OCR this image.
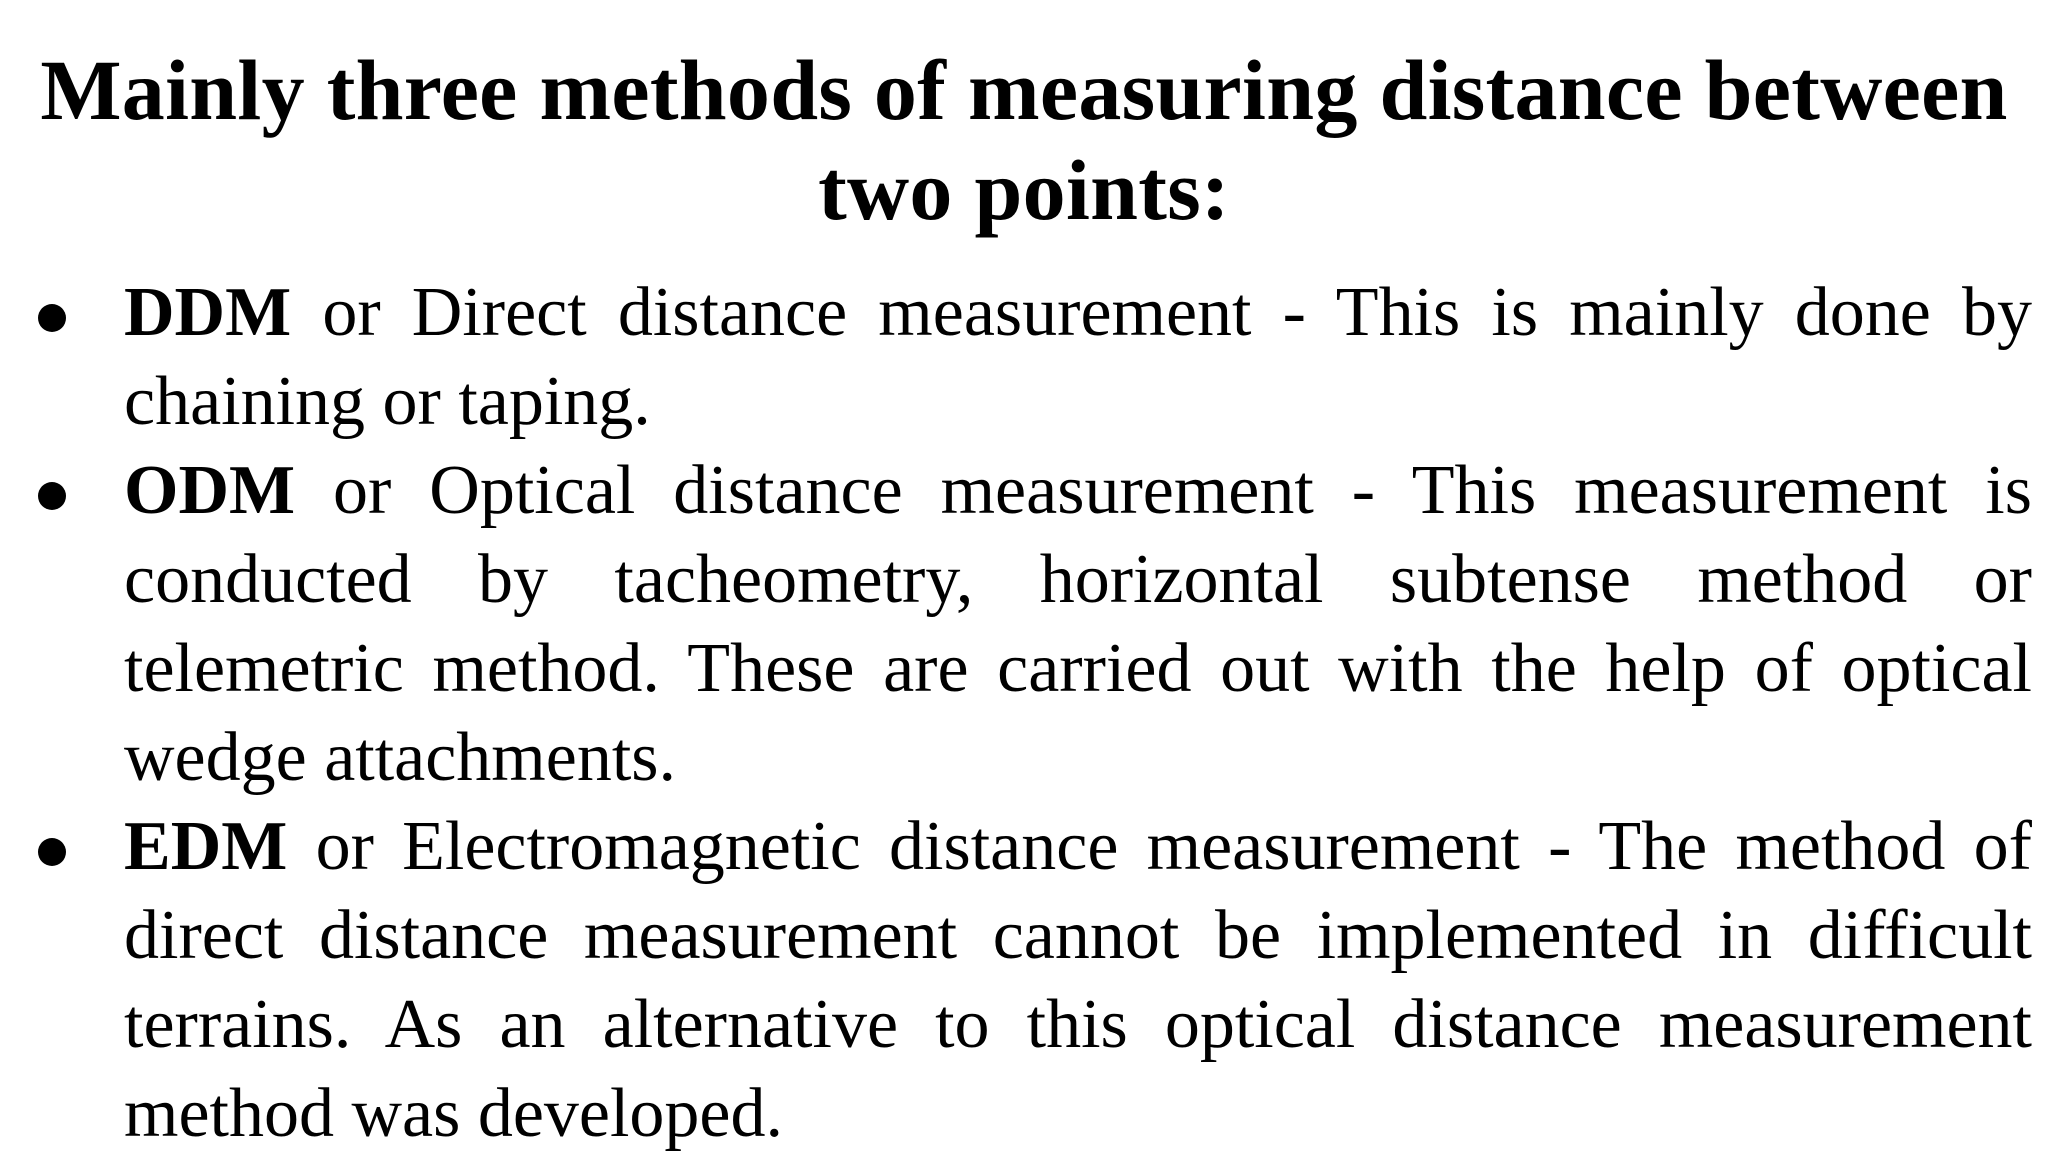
Mainly three methods of measuring distance between two points:
DDM or Direct distance measurement - This is mainly done by chaining or taping.
ODM or Optical distance measurement - This measurement is conducted by tacheometry, horizontal subtense method or telemetric method. These are carried out with the help of optical wedge attachments.
EDM or Electromagnetic distance measurement - The method of direct distance measurement cannot be implemented in difficult terrains. As an alternative to this optical distance measurement method was developed.
